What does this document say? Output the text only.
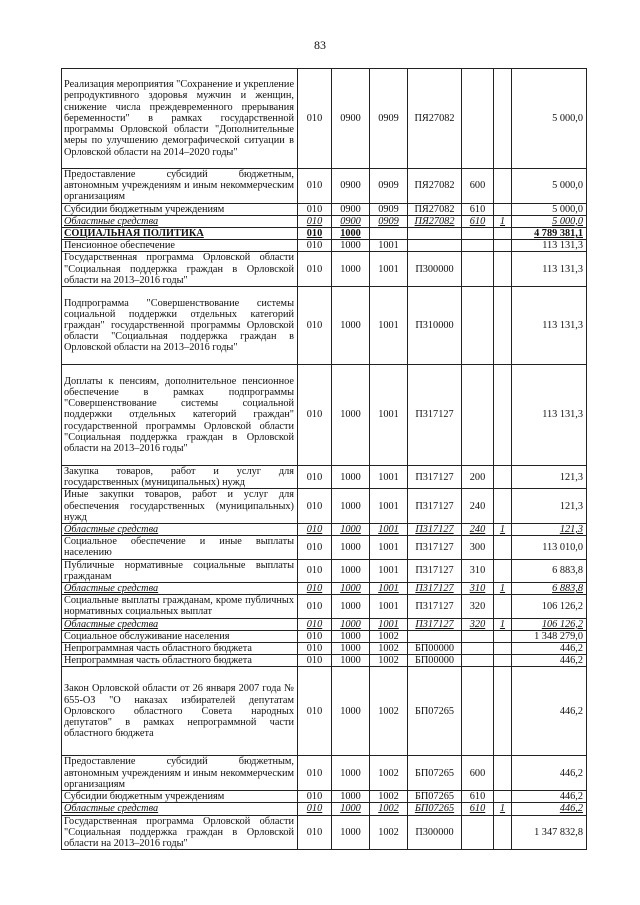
83
Реализация мероприятия "Сохранение и укрепление репродуктивного здоровья мужчин и женщин, снижение числа преждевременного прерывания беременности" в рамках государственной программы Орловской области "Дополнительные меры по улучшению демографической ситуации в Орловской области на 2014–2020 годы"	010	0900	0909	ПЯ27082			5 000,0
Предоставление субсидий бюджетным, автономным учреждениям и иным некоммерческим организациям	010	0900	0909	ПЯ27082	600		5 000,0
Субсидии бюджетным учреждениям	010	0900	0909	ПЯ27082	610		5 000,0
Областные средства	010	0900	0909	ПЯ27082	610	1	5 000,0
СОЦИАЛЬНАЯ ПОЛИТИКА	010	1000					4 789 381,1
Пенсионное обеспечение	010	1000	1001				113 131,3
Государственная программа Орловской области "Социальная поддержка граждан в Орловской области на 2013–2016 годы"	010	1000	1001	П300000			113 131,3
Подпрограмма "Совершенствование системы социальной поддержки отдельных категорий граждан" государственной программы Орловской области "Социальная поддержка граждан в Орловской области на 2013–2016 годы"	010	1000	1001	П310000			113 131,3
Доплаты к пенсиям, дополнительное пенсионное обеспечение в рамках подпрограммы "Совершенствование системы социальной поддержки отдельных категорий граждан" государственной программы Орловской области "Социальная поддержка граждан в Орловской области на 2013–2016 годы"	010	1000	1001	П317127			113 131,3
Закупка товаров, работ и услуг для государственных (муниципальных) нужд	010	1000	1001	П317127	200		121,3
Иные закупки товаров, работ и услуг для обеспечения государственных (муниципальных) нужд	010	1000	1001	П317127	240		121,3
Областные средства	010	1000	1001	П317127	240	1	121,3
Социальное обеспечение и иные выплаты населению	010	1000	1001	П317127	300		113 010,0
Публичные нормативные социальные выплаты гражданам	010	1000	1001	П317127	310		6 883,8
Областные средства	010	1000	1001	П317127	310	1	6 883,8
Социальные выплаты гражданам, кроме публичных нормативных социальных выплат	010	1000	1001	П317127	320		106 126,2
Областные средства	010	1000	1001	П317127	320	1	106 126,2
Социальное обслуживание населения	010	1000	1002				1 348 279,0
Непрограммная часть областного бюджета	010	1000	1002	БП00000			446,2
Непрограммная часть областного бюджета	010	1000	1002	БП00000			446,2
Закон Орловской области от 26 января 2007 года № 655-ОЗ "О наказах избирателей депутатам Орловского областного Совета народных депутатов" в рамках непрограммной части областного бюджета	010	1000	1002	БП07265			446,2
Предоставление субсидий бюджетным, автономным учреждениям и иным некоммерческим организациям	010	1000	1002	БП07265	600		446,2
Субсидии бюджетным учреждениям	010	1000	1002	БП07265	610		446,2
Областные средства	010	1000	1002	БП07265	610	1	446,2
Государственная программа Орловской области "Социальная поддержка граждан в Орловской области на 2013–2016 годы"	010	1000	1002	П300000			1 347 832,8
